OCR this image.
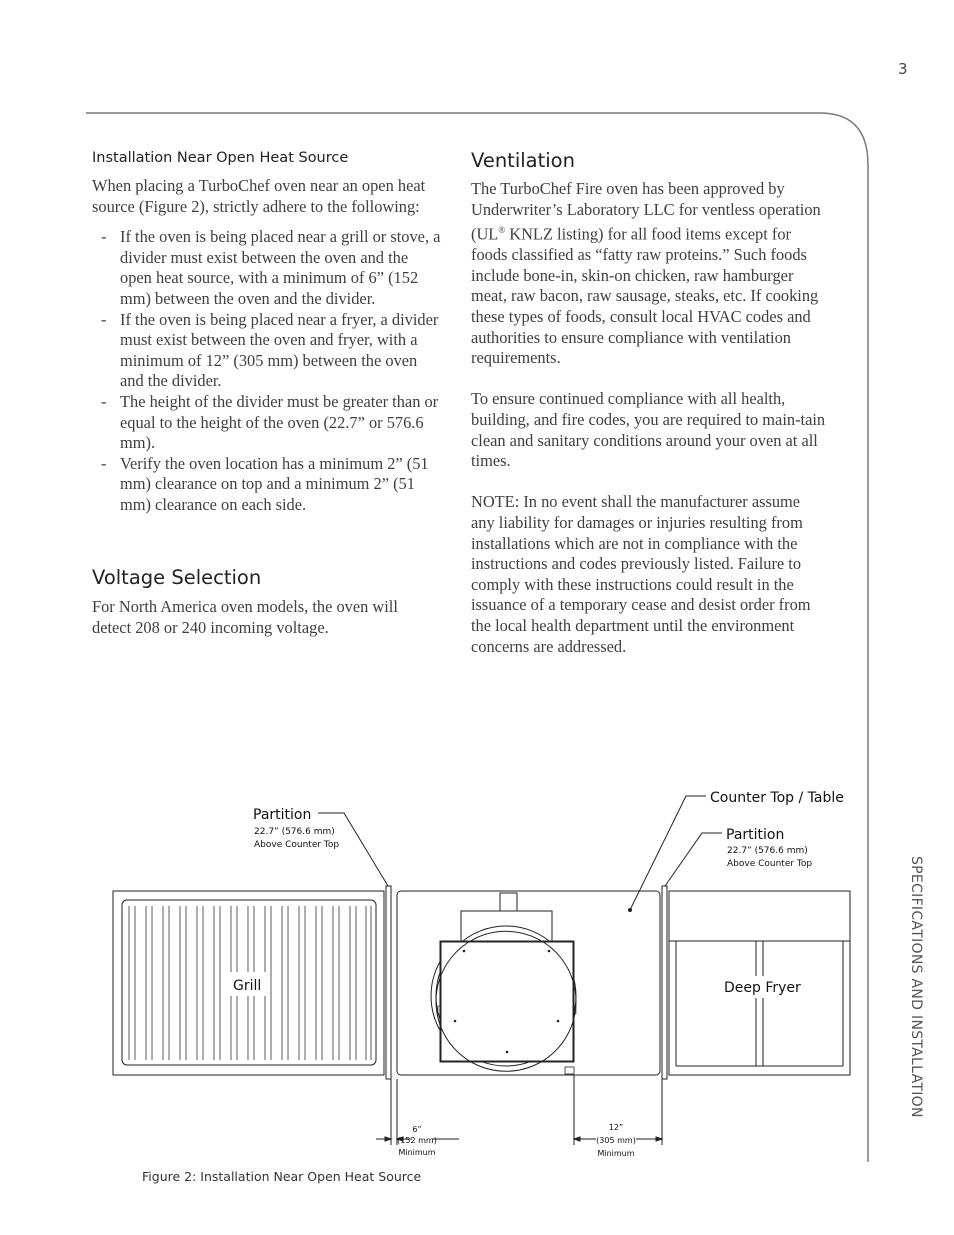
3
Installation Near Open Heat Source

When placing a TurboChef oven near an open heat source (Figure 2), strictly adhere to the following:

- If the oven is being placed near a grill or stove, a divider must exist between the oven and the open heat source, with a minimum of 6” (152 mm) between the oven and the divider.
- If the oven is being placed near a fryer, a divider must exist between the oven and fryer, with a minimum of 12” (305 mm) between the oven and the divider.
- The height of the divider must be greater than or equal to the height of the oven (22.7” or 576.6 mm).
- Verify the oven location has a minimum 2” (51 mm) clearance on top and a minimum 2” (51 mm) clearance on each side.
Voltage Selection

For North America oven models, the oven will detect 208 or 240 incoming voltage.

Ventilation

The TurboChef Fire oven has been approved by Underwriter’s Laboratory LLC for ventless operation (UL® KNLZ listing) for all food items except for foods classified as “fatty raw proteins.” Such foods include bone-in, skin-on chicken, raw hamburger meat, raw bacon, raw sausage, steaks, etc. If cooking these types of foods, consult local HVAC codes and authorities to ensure compliance with ventilation requirements.

To ensure continued compliance with all health, building, and fire codes, you are required to main-tain clean and sanitary conditions around your oven at all times.

NOTE: In no event shall the manufacturer assume any liability for damages or injuries resulting from installations which are not in compliance with the instructions and codes previously listed. Failure to comply with these instructions could result in the issuance of a temporary cease and desist order from the local health department until the environment concerns are addressed.

SPECIFICATIONS AND INSTALLATION
Partition
22.7” (576.6 mm)
Above Counter Top
Counter Top / Table
Partition
22.7” (576.6 mm)
Above Counter Top
Grill	Deep Fryer
6”
(152 mm)
Minimum
12”
(305 mm)
Minimum
Figure 2: Installation Near Open Heat Source
